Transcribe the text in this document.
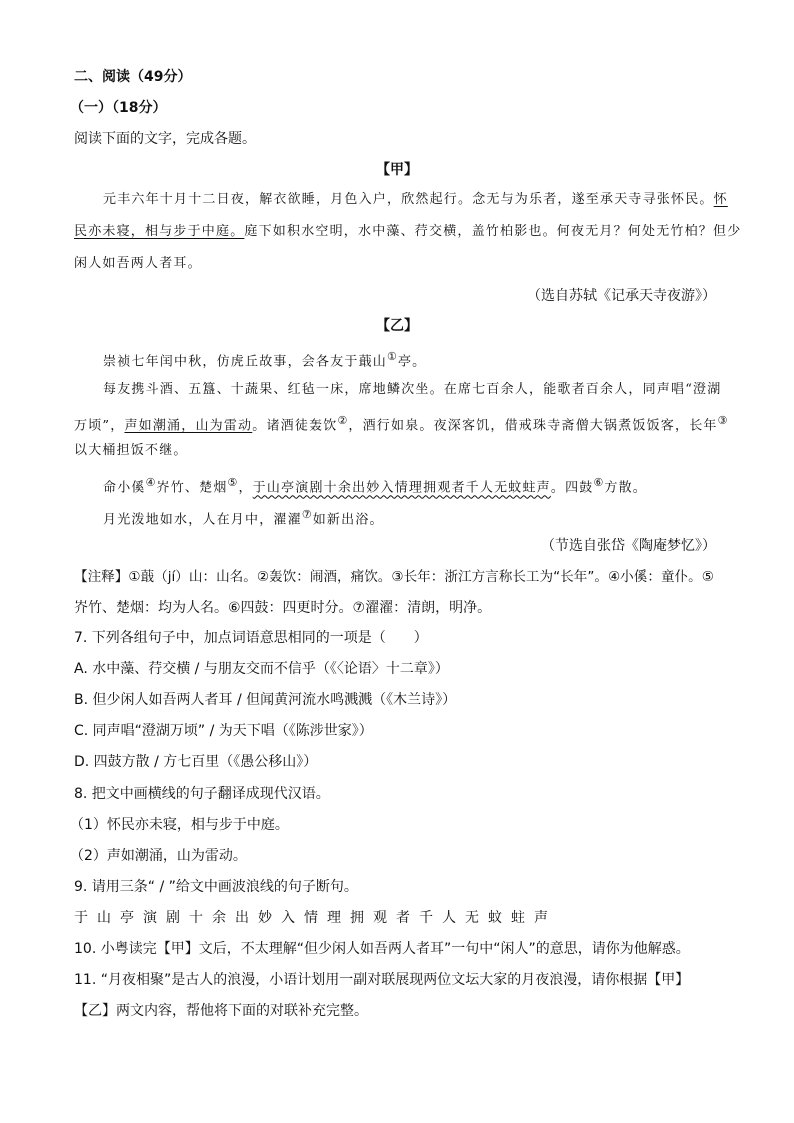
二、阅读（49分）
（一）（18分）
阅读下面的文字，完成各题。
【甲】
元丰六年十月十二日夜，解衣欲睡，月色入户，欣然起行。念无与为乐者，遂至承天寺寻张怀民。怀
民亦未寝，相与步于中庭。庭下如积水空明，水中藻、荇交横，盖竹柏影也。何夜无月？何处无竹柏？但少
闲人如吾两人者耳。
（选自苏轼《记承天寺夜游》）
【乙】
崇祯七年闰中秋，仿虎丘故事，会各友于蕺山①亭。
每友携斗酒、五簋、十蔬果、红毡一床，席地鳞次坐。在席七百余人，能歌者百余人，同声唱“澄湖
万顷”，声如潮涌，山为雷动。诸酒徒轰饮②，酒行如泉。夜深客饥，借戒珠寺斋僧大锅煮饭饭客，长年③
以大桶担饭不继。
命小傒④岕竹、楚烟⑤，于山亭演剧十余出妙入情理拥观者千人无蚊蛀声。四鼓⑥方散。
月光泼地如水，人在月中，濯濯⑦如新出浴。
（节选自张岱《陶庵梦忆》）
【注释】①蕺（jí）山：山名。②轰饮：闹酒，痛饮。③长年：浙江方言称长工为“长年”。④小傒：童仆。⑤
岕竹、楚烟：均为人名。⑥四鼓：四更时分。⑦濯濯：清朗，明净。
7. 下列各组句子中，加点词语意思相同的一项是（　　）
A. 水中藻、荇交横 / 与朋友交而不信乎（《〈论语〉十二章》）
B. 但少闲人如吾两人者耳 / 但闻黄河流水鸣溅溅（《木兰诗》）
C. 同声唱“澄湖万顷” / 为天下唱（《陈涉世家》）
D. 四鼓方散 / 方七百里（《愚公移山》）
8. 把文中画横线的句子翻译成现代汉语。
（1）怀民亦未寝，相与步于中庭。
（2）声如潮涌，山为雷动。
9. 请用三条“ / ”给文中画波浪线的句子断句。
于山亭演剧十余出妙入情理拥观者千人无蚊蛀声
10. 小粤读完【甲】文后，不太理解“但少闲人如吾两人者耳”一句中“闲人”的意思，请你为他解惑。
11. “月夜相聚”是古人的浪漫，小语计划用一副对联展现两位文坛大家的月夜浪漫，请你根据【甲】
【乙】两文内容，帮他将下面的对联补充完整。
